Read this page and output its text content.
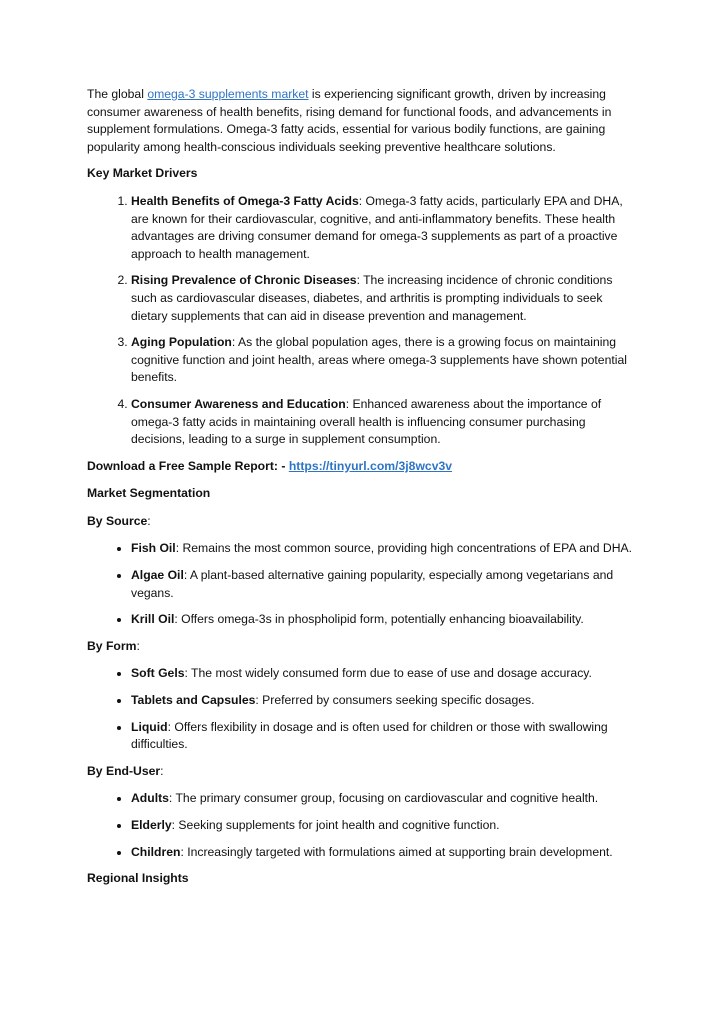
The global omega-3 supplements market is experiencing significant growth, driven by increasing consumer awareness of health benefits, rising demand for functional foods, and advancements in supplement formulations. Omega-3 fatty acids, essential for various bodily functions, are gaining popularity among health-conscious individuals seeking preventive healthcare solutions.

Key Market Drivers

1. Health Benefits of Omega-3 Fatty Acids: Omega-3 fatty acids, particularly EPA and DHA, are known for their cardiovascular, cognitive, and anti-inflammatory benefits. These health advantages are driving consumer demand for omega-3 supplements as part of a proactive approach to health management.
2. Rising Prevalence of Chronic Diseases: The increasing incidence of chronic conditions such as cardiovascular diseases, diabetes, and arthritis is prompting individuals to seek dietary supplements that can aid in disease prevention and management.
3. Aging Population: As the global population ages, there is a growing focus on maintaining cognitive function and joint health, areas where omega-3 supplements have shown potential benefits.
4. Consumer Awareness and Education: Enhanced awareness about the importance of omega-3 fatty acids in maintaining overall health is influencing consumer purchasing decisions, leading to a surge in supplement consumption.

Download a Free Sample Report: - https://tinyurl.com/3j8wcv3v

Market Segmentation

By Source:

• Fish Oil: Remains the most common source, providing high concentrations of EPA and DHA.
• Algae Oil: A plant-based alternative gaining popularity, especially among vegetarians and vegans.
• Krill Oil: Offers omega-3s in phospholipid form, potentially enhancing bioavailability.

By Form:

• Soft Gels: The most widely consumed form due to ease of use and dosage accuracy.
• Tablets and Capsules: Preferred by consumers seeking specific dosages.
• Liquid: Offers flexibility in dosage and is often used for children or those with swallowing difficulties.

By End-User:

• Adults: The primary consumer group, focusing on cardiovascular and cognitive health.
• Elderly: Seeking supplements for joint health and cognitive function.
• Children: Increasingly targeted with formulations aimed at supporting brain development.

Regional Insights
